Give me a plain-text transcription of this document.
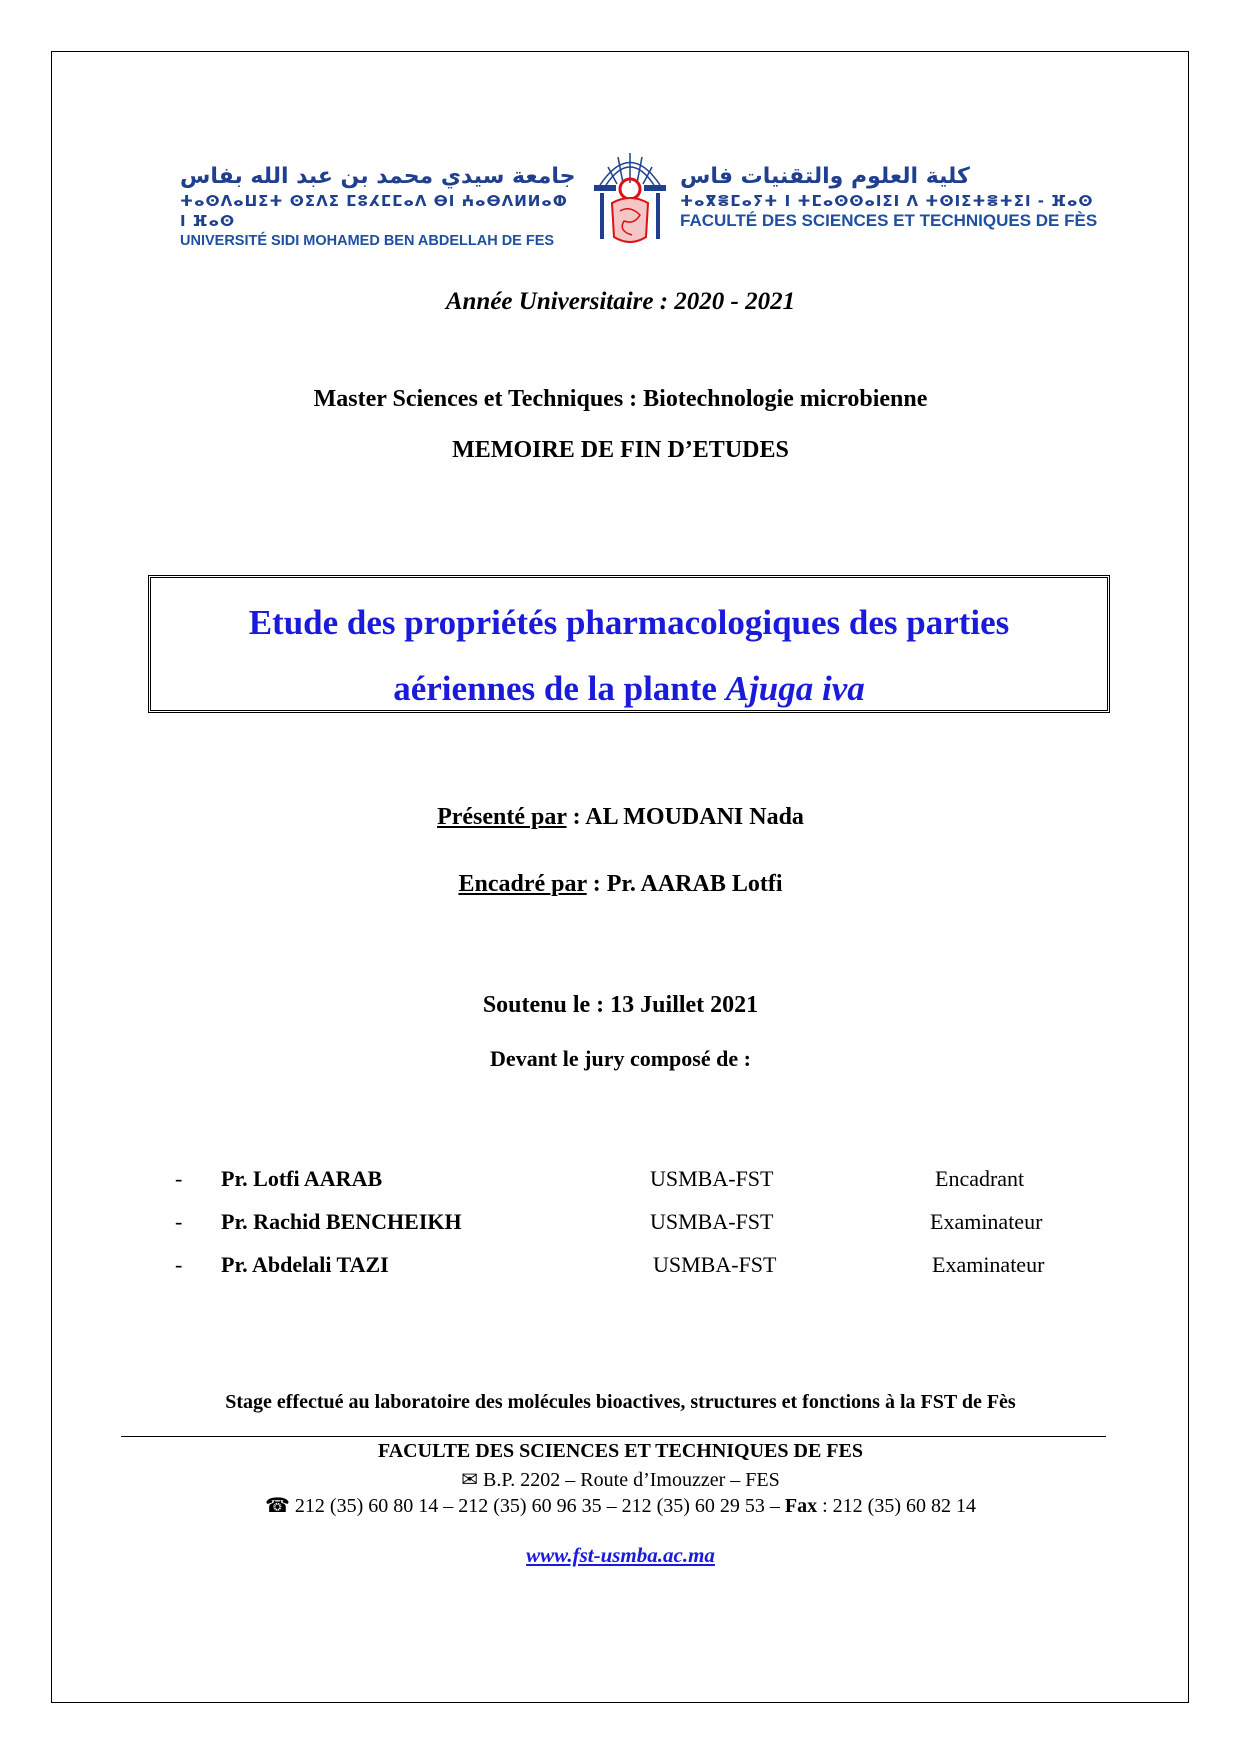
جامعة سيدي محمد بن عبد الله بفاس
ⵜⴰⵙⴷⴰⵡⵉⵜ ⵙⵉⴷⵉ ⵎⵓⵃⵎⵎⴰⴷ ⴱⵏ ⵄⴰⴱⴷⵍⵍⴰⵀ ⵏ ⴼⴰⵙ
UNIVERSITÉ SIDI MOHAMED BEN ABDELLAH DE FES
كلية العلوم والتقنيات فاس
ⵜⴰⴳⴻⵎⴰⵢⵜ ⵏ ⵜⵎⴰⵙⵙⴰⵏⵉⵏ ⴷ ⵜⵙⵏⵉⵜⴻⵜⵉⵏ - ⴼⴰⵙ
FACULTÉ DES SCIENCES ET TECHNIQUES DE FÈS
Année Universitaire : 2020 - 2021
Master Sciences et Techniques : Biotechnologie microbienne
MEMOIRE DE FIN D’ETUDES
Etude des propriétés pharmacologiques des parties
aériennes de la plante Ajuga iva
Présenté par : AL MOUDANI Nada
Encadré par : Pr. AARAB Lotfi
Soutenu le : 13 Juillet 2021
Devant le jury composé de :
- Pr. Lotfi AARAB	USMBA-FST	Encadrant
- Pr. Rachid BENCHEIKH	USMBA-FST	Examinateur
- Pr. Abdelali TAZI	USMBA-FST	Examinateur
Stage effectué au laboratoire des molécules bioactives, structures et fonctions à la FST de Fès
FACULTE DES SCIENCES ET TECHNIQUES DE FES
✉ B.P. 2202 – Route d’Imouzzer – FES
☎ 212 (35) 60 80 14 – 212 (35) 60 96 35 – 212 (35) 60 29 53 – Fax : 212 (35) 60 82 14
www.fst-usmba.ac.ma
